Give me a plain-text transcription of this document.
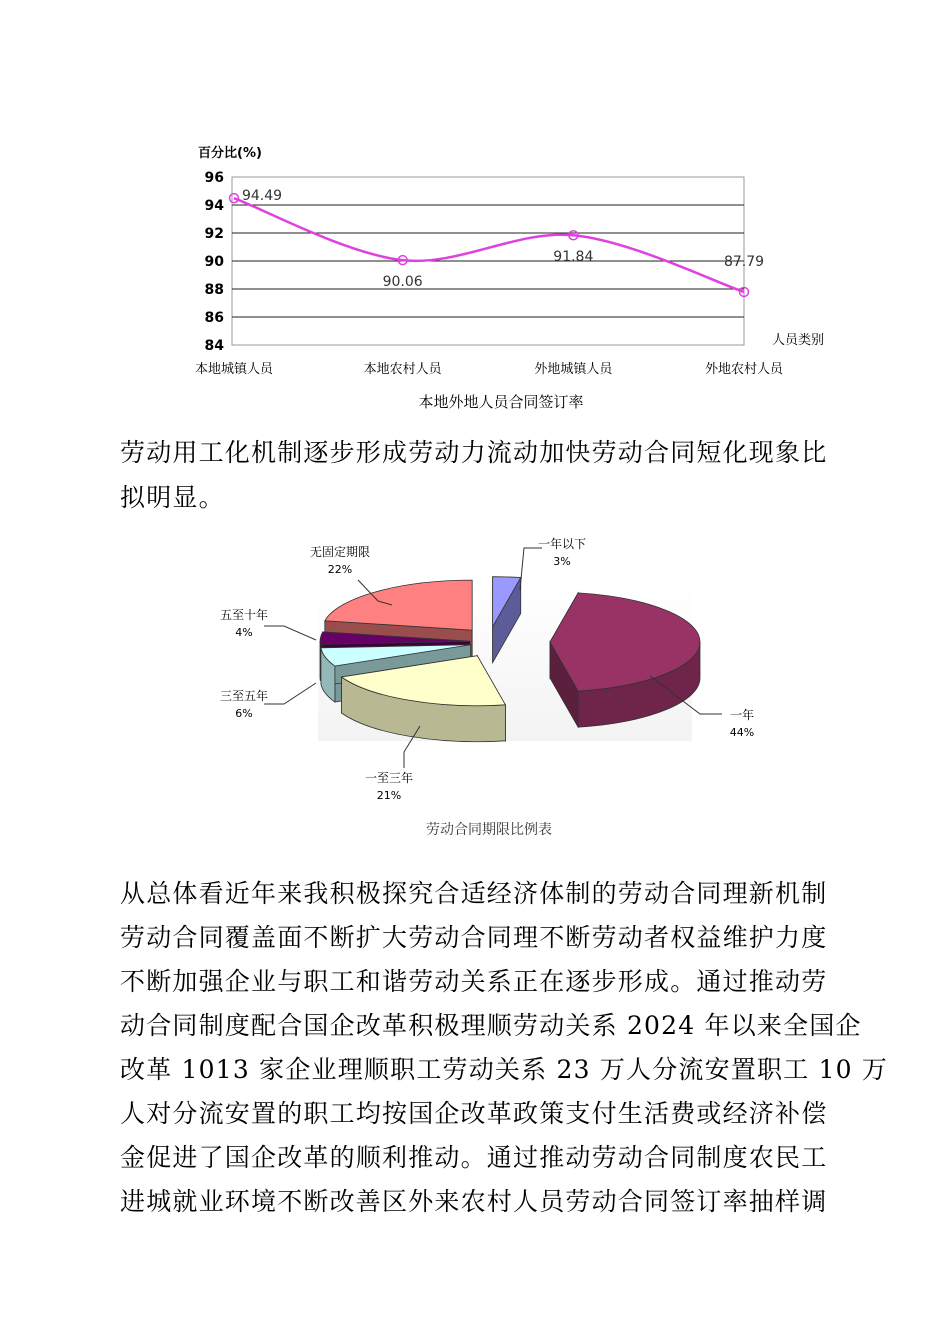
百分比(%)
84
86
88
90
92
94
96
94.49
90.06
91.84	87.79
本地城镇人员	本地农村人员	外地城镇人员	外地农村人员
人员类别
本地外地人员合同签订率
一年以下
3%
一年
44%
一至三年
21%
三至五年
6%
五至十年
4%
无固定期限
22%
劳动合同期限比例表

劳动用工化机制逐步形成劳动力流动加快劳动合同短化现象比
拟明显。

从总体看近年来我积极探究合适经济体制的劳动合同理新机制
劳动合同覆盖面不断扩大劳动合同理不断劳动者权益维护力度
不断加强企业与职工和谐劳动关系正在逐步形成。通过推动劳
动合同制度配合国企改革积极理顺劳动关系 2024 年以来全国企
改革 1013 家企业理顺职工劳动关系 23 万人分流安置职工 10 万
人对分流安置的职工均按国企改革政策支付生活费或经济补偿
金促进了国企改革的顺利推动。通过推动劳动合同制度农民工
进城就业环境不断改善区外来农村人员劳动合同签订率抽样调
